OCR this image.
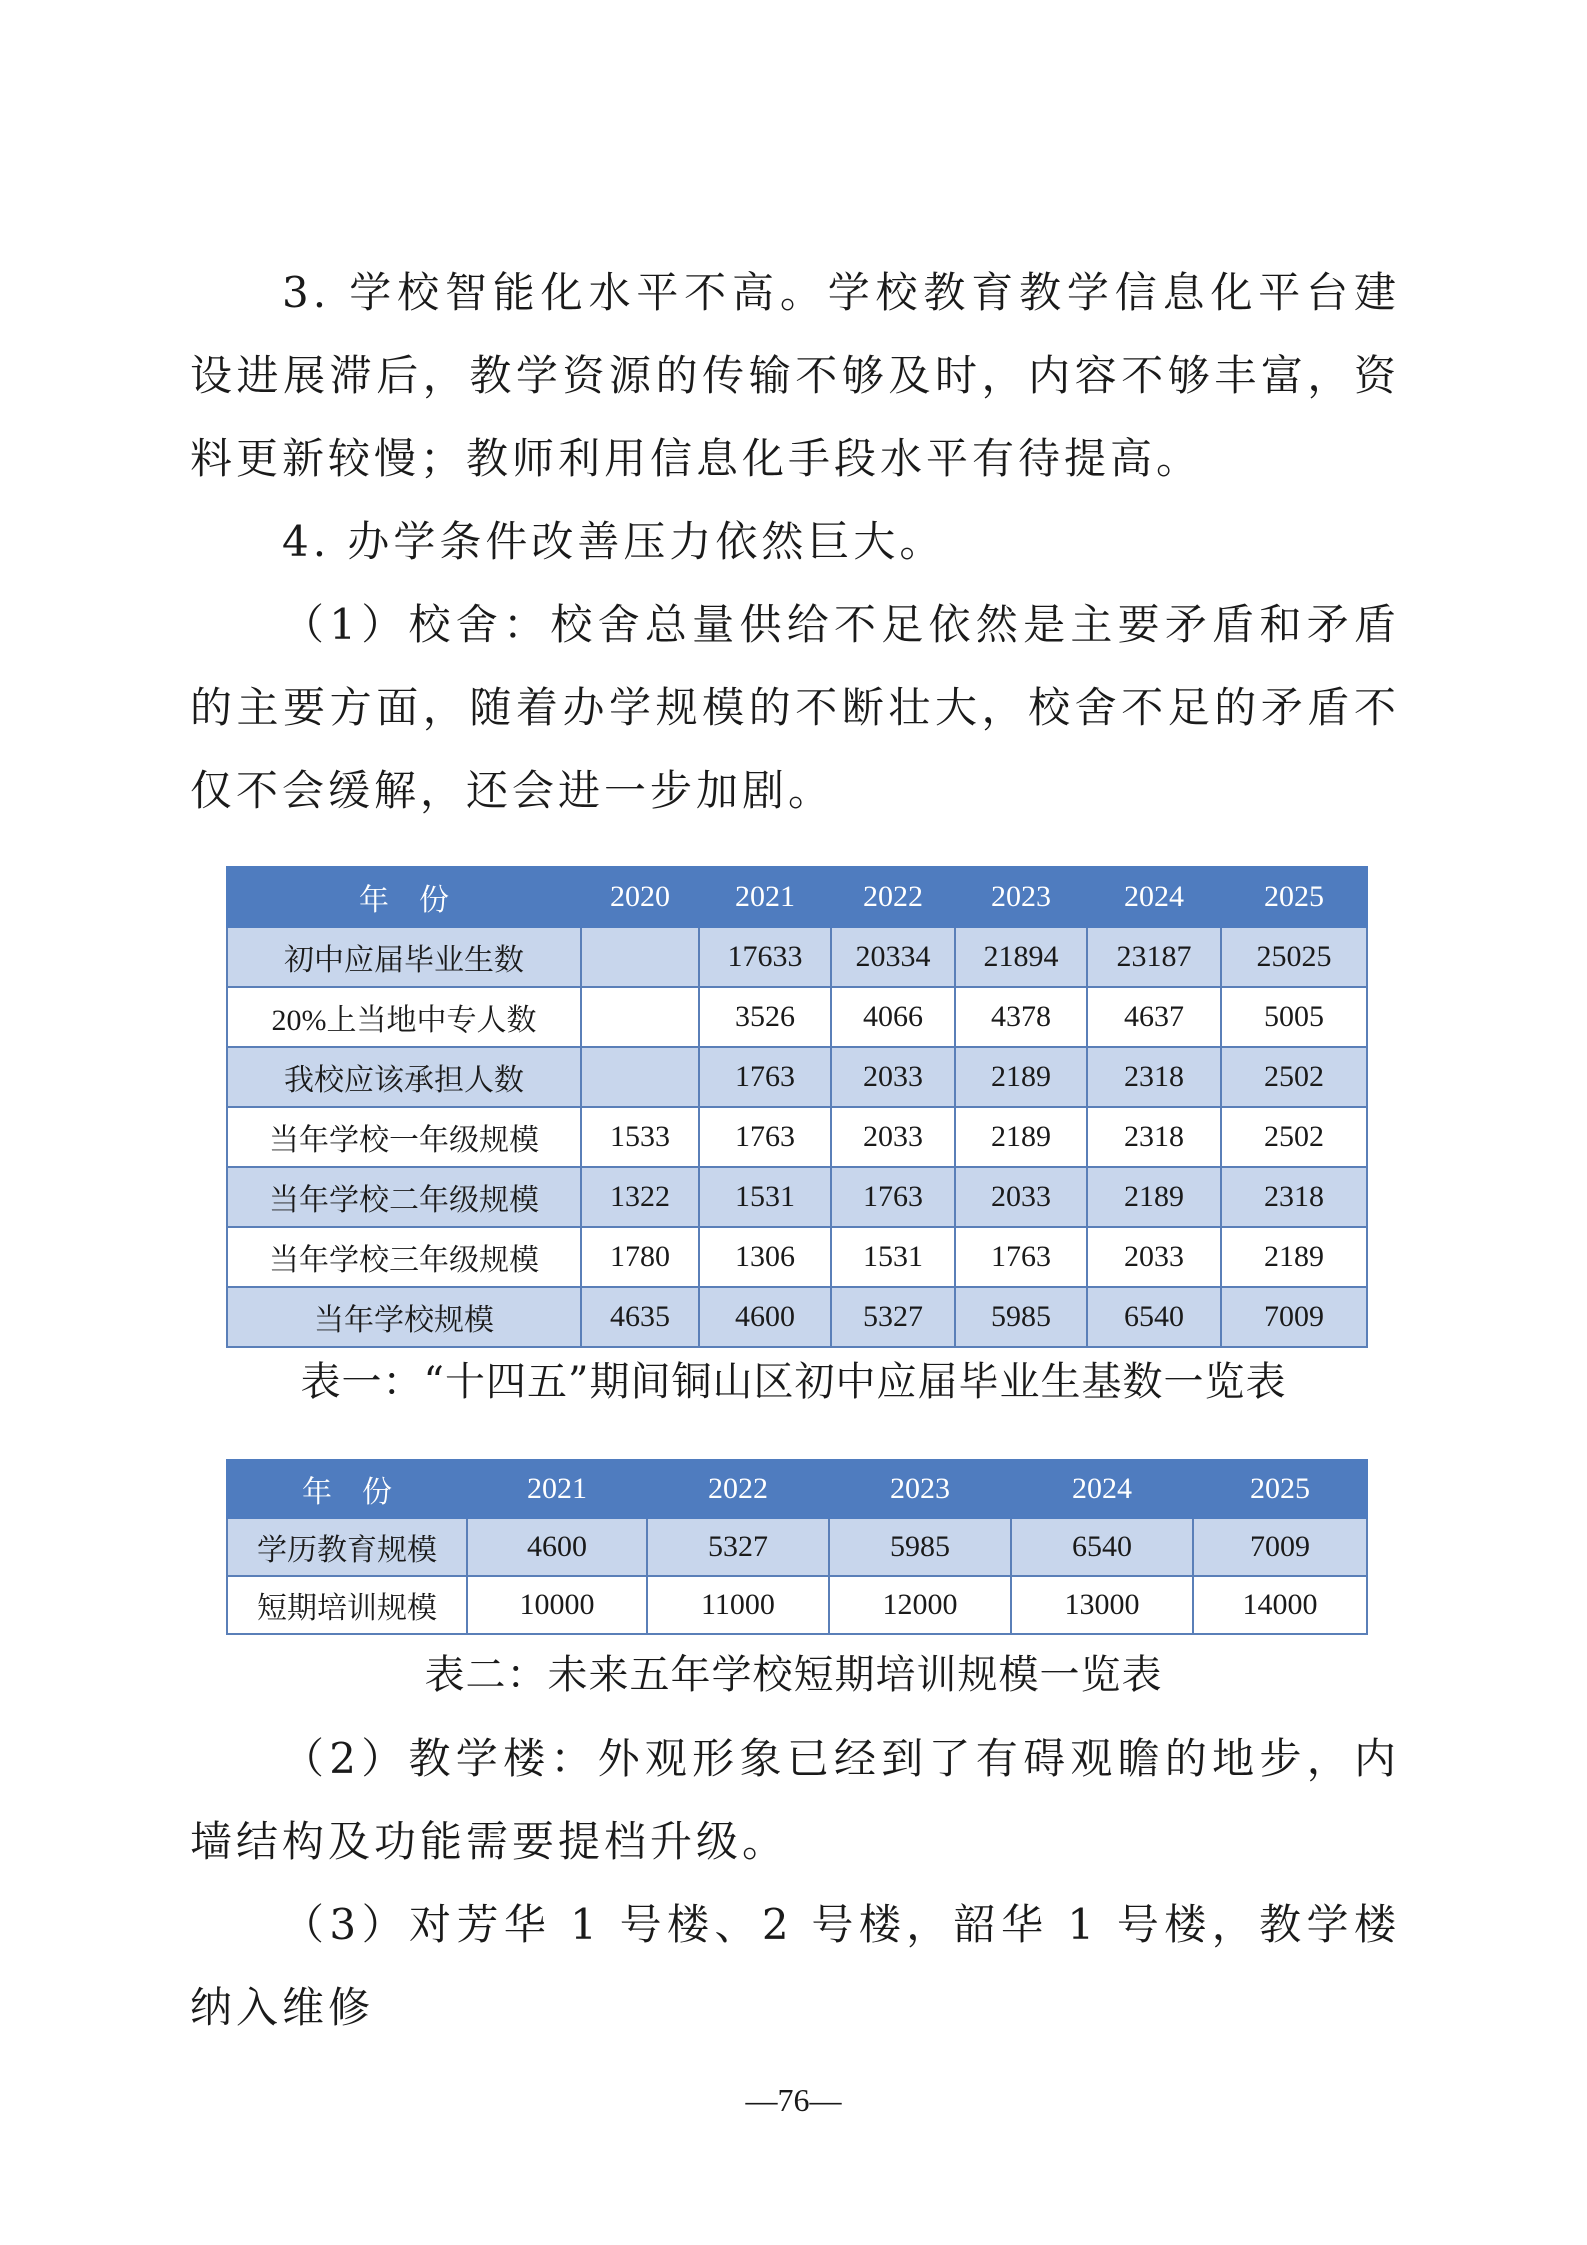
3. 学校智能化水平不高。学校教育教学信息化平台建设进展滞后，教学资源的传输不够及时，内容不够丰富，资料更新较慢；教师利用信息化手段水平有待提高。

4. 办学条件改善压力依然巨大。

（1）校舍：校舍总量供给不足依然是主要矛盾和矛盾的主要方面，随着办学规模的不断壮大，校舍不足的矛盾不仅不会缓解，还会进一步加剧。

年　份	2020	2021	2022	2023	2024	2025
初中应届毕业生数		17633	20334	21894	23187	25025
20%上当地中专人数		3526	4066	4378	4637	5005
我校应该承担人数		1763	2033	2189	2318	2502
当年学校一年级规模	1533	1763	2033	2189	2318	2502
当年学校二年级规模	1322	1531	1763	2033	2189	2318
当年学校三年级规模	1780	1306	1531	1763	2033	2189
当年学校规模	4635	4600	5327	5985	6540	7009

表一：“十四五”期间铜山区初中应届毕业生基数一览表

年　份	2021	2022	2023	2024	2025
学历教育规模	4600	5327	5985	6540	7009
短期培训规模	10000	11000	12000	13000	14000

表二：未来五年学校短期培训规模一览表

（2）教学楼：外观形象已经到了有碍观瞻的地步，内墙结构及功能需要提档升级。

（3）对芳华 1 号楼、2 号楼，韶华 1 号楼，教学楼纳入维修

—76—
